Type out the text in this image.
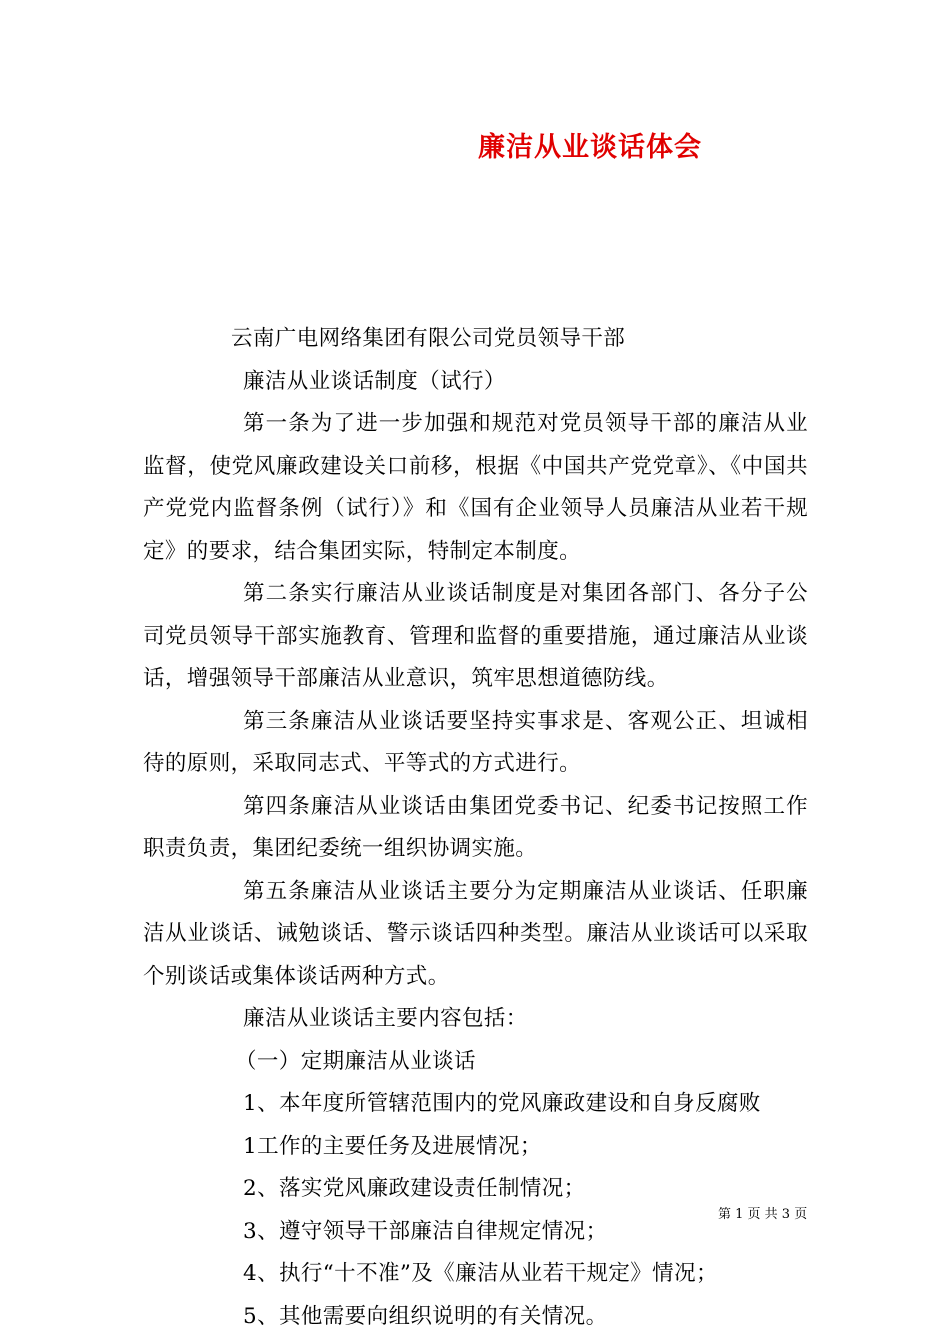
廉洁从业谈话体会
云南广电网络集团有限公司党员领导干部
廉洁从业谈话制度（试行）
第一条为了进一步加强和规范对党员领导干部的廉洁从业监督，使党风廉政建设关口前移，根据《中国共产党党章》、《中国共产党党内监督条例（试行）》和《国有企业领导人员廉洁从业若干规定》的要求，结合集团实际，特制定本制度。
第二条实行廉洁从业谈话制度是对集团各部门、各分子公司党员领导干部实施教育、管理和监督的重要措施，通过廉洁从业谈话，增强领导干部廉洁从业意识，筑牢思想道德防线。
第三条廉洁从业谈话要坚持实事求是、客观公正、坦诚相待的原则，采取同志式、平等式的方式进行。
第四条廉洁从业谈话由集团党委书记、纪委书记按照工作职责负责，集团纪委统一组织协调实施。
第五条廉洁从业谈话主要分为定期廉洁从业谈话、任职廉洁从业谈话、诫勉谈话、警示谈话四种类型。廉洁从业谈话可以采取个别谈话或集体谈话两种方式。
廉洁从业谈话主要内容包括：
（一）定期廉洁从业谈话
1、本年度所管辖范围内的党风廉政建设和自身反腐败
1工作的主要任务及进展情况；
2、落实党风廉政建设责任制情况；
3、遵守领导干部廉洁自律规定情况；
4、执行“十不准”及《廉洁从业若干规定》情况；
5、其他需要向组织说明的有关情况。
第 1 页 共 3 页
